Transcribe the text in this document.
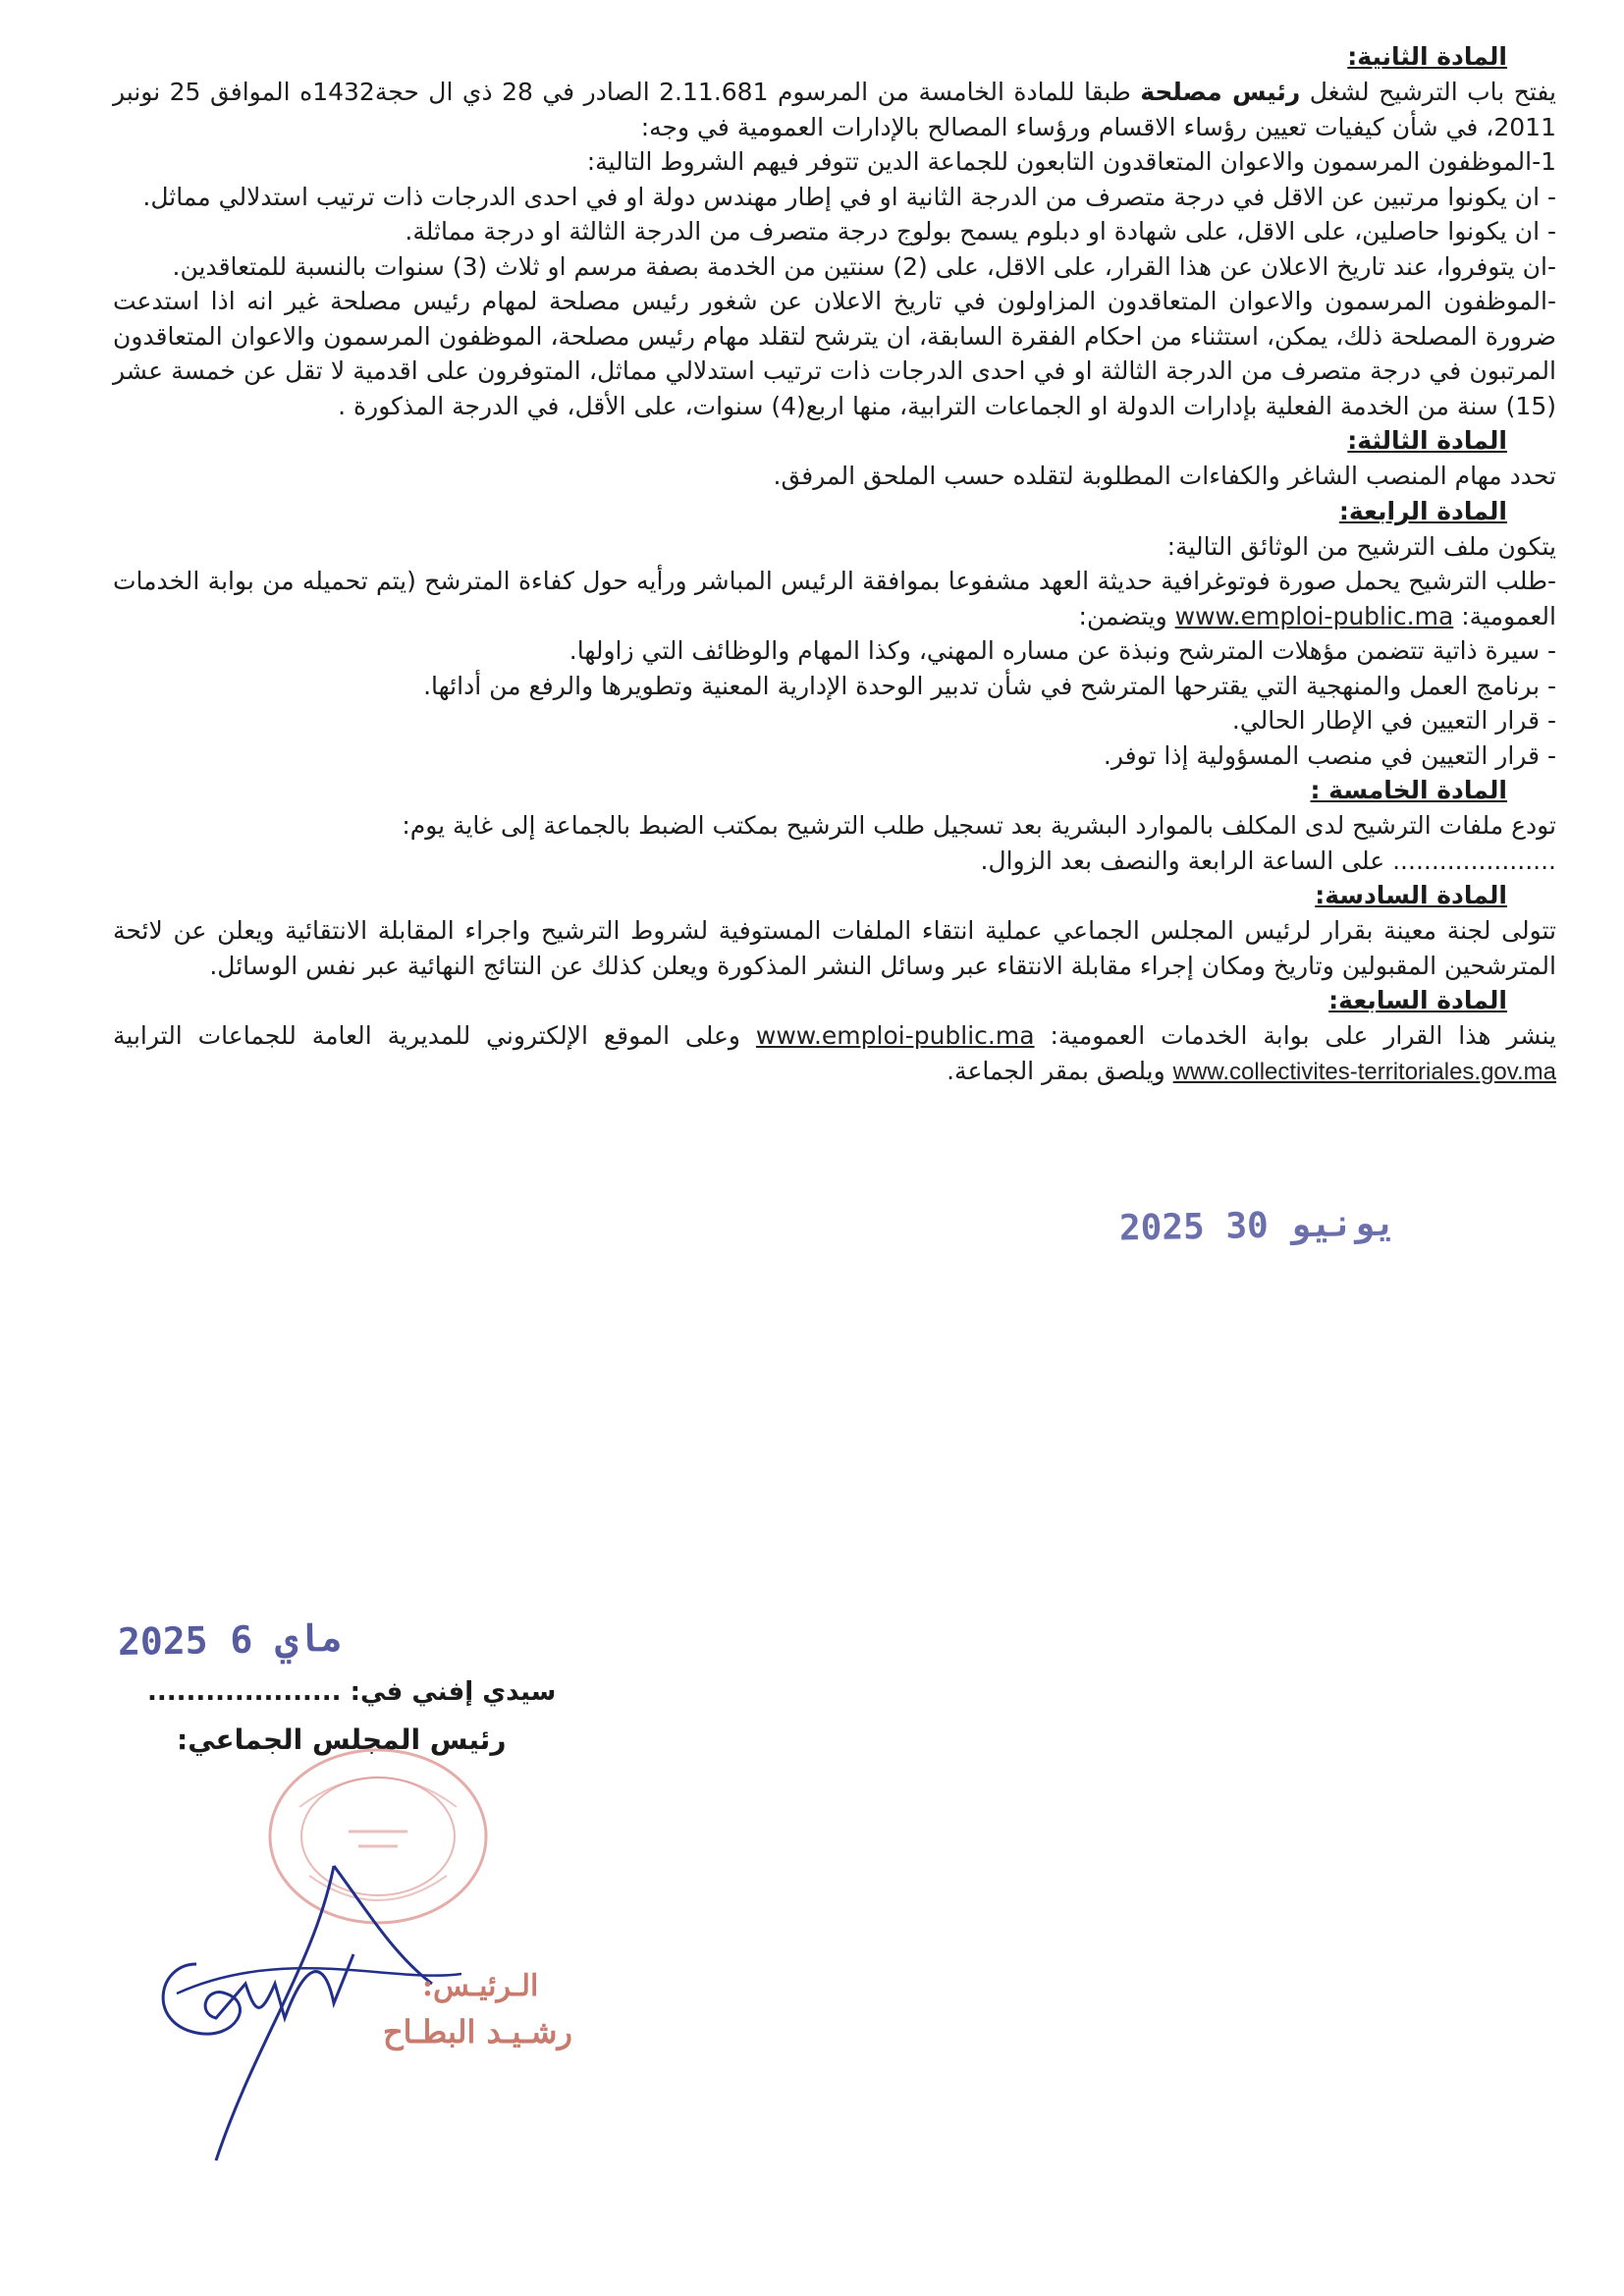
المادة الثانية:

يفتح باب الترشيح لشغل رئيس مصلحة طبقا للمادة الخامسة من المرسوم 2.11.681 الصادر في 28 ذي ال حجة1432ه الموافق 25 نونبر 2011، في شأن كيفيات تعيين رؤساء الاقسام ورؤساء المصالح بالإدارات العمومية في وجه:

1-الموظفون المرسمون والاعوان المتعاقدون التابعون للجماعة الدين تتوفر فيهم الشروط التالية:

- ان يكونوا مرتبين عن الاقل في درجة متصرف من الدرجة الثانية او في إطار مهندس دولة او في احدى الدرجات ذات ترتيب استدلالي مماثل.

- ان يكونوا حاصلين، على الاقل، على شهادة او دبلوم يسمح بولوج درجة متصرف من الدرجة الثالثة او درجة مماثلة.

-ان يتوفروا، عند تاريخ الاعلان عن هذا القرار، على الاقل، على (2) سنتين من الخدمة بصفة مرسم او ثلاث (3) سنوات بالنسبة للمتعاقدين.

-الموظفون المرسمون والاعوان المتعاقدون المزاولون في تاريخ الاعلان عن شغور رئيس مصلحة لمهام رئيس مصلحة غير انه اذا استدعت ضرورة المصلحة ذلك، يمكن، استثناء من احكام الفقرة السابقة، ان يترشح لتقلد مهام رئيس مصلحة، الموظفون المرسمون والاعوان المتعاقدون المرتبون في درجة متصرف من الدرجة الثالثة او في احدى الدرجات ذات ترتيب استدلالي مماثل، المتوفرون على اقدمية لا تقل عن خمسة عشر (15) سنة من الخدمة الفعلية بإدارات الدولة او الجماعات الترابية، منها اربع(4) سنوات، على الأقل، في الدرجة المذكورة .

المادة الثالثة:

تحدد مهام المنصب الشاغر والكفاءات المطلوبة لتقلده حسب الملحق المرفق.

المادة الرابعة:

يتكون ملف الترشيح من الوثائق التالية:

-طلب الترشيح يحمل صورة فوتوغرافية حديثة العهد مشفوعا بموافقة الرئيس المباشر ورأيه حول كفاءة المترشح (يتم تحميله من بوابة الخدمات العمومية: www.emploi-public.ma ويتضمن:

- سيرة ذاتية تتضمن مؤهلات المترشح ونبذة عن مساره المهني، وكذا المهام والوظائف التي زاولها.

- برنامج العمل والمنهجية التي يقترحها المترشح في شأن تدبير الوحدة الإدارية المعنية وتطويرها والرفع من أدائها.

- قرار التعيين في الإطار الحالي.

- قرار التعيين في منصب المسؤولية إذا توفر.

المادة الخامسة :

تودع ملفات الترشيح لدى المكلف بالموارد البشرية بعد تسجيل طلب الترشيح بمكتب الضبط بالجماعة إلى غاية يوم:

..................... على الساعة الرابعة والنصف بعد الزوال.

المادة السادسة:

تتولى لجنة معينة بقرار لرئيس المجلس الجماعي عملية انتقاء الملفات المستوفية لشروط الترشيح واجراء المقابلة الانتقائية ويعلن عن لائحة المترشحين المقبولين وتاريخ ومكان إجراء مقابلة الانتقاء عبر وسائل النشر المذكورة ويعلن كذلك عن النتائج النهائية عبر نفس الوسائل.

المادة السابعة:

ينشر هذا القرار على بوابة الخدمات العمومية: www.emploi-public.ma وعلى الموقع الإلكتروني للمديرية العامة للجماعات الترابية www.collectivites-territoriales.gov.ma ويلصق بمقر الجماعة.

2025 يونيو 30
2025 ماي 6
سيدي إفني في: ....................
رئيس المجلس الجماعي:
الـرئيـس:
رشـيـد البطـاح
